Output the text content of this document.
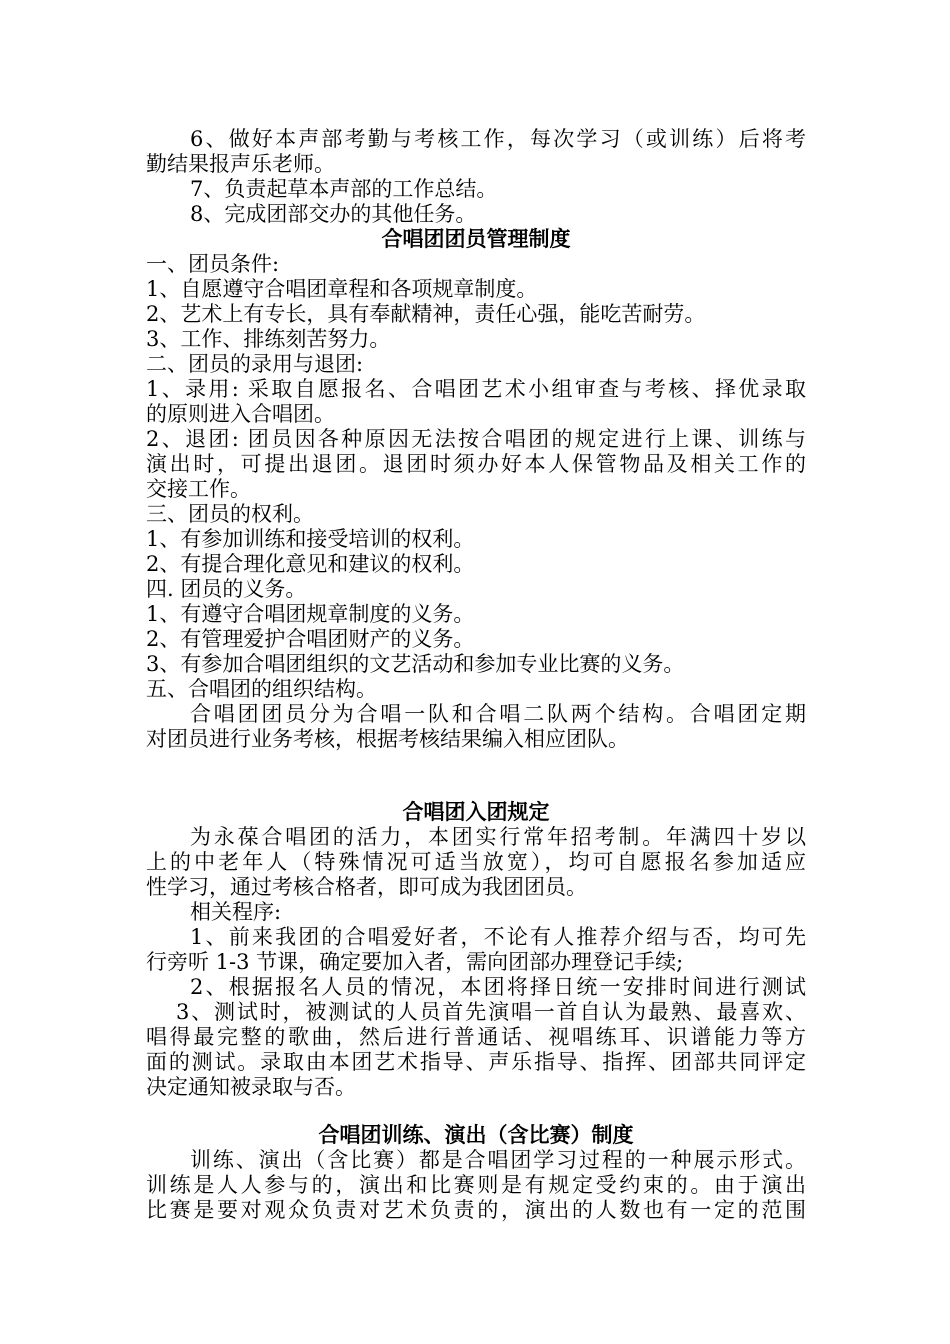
6、做好本声部考勤与考核工作，每次学习（或训练）后将考
勤结果报声乐老师。
7、负责起草本声部的工作总结。
8、完成团部交办的其他任务。
合唱团团员管理制度
一、团员条件:
1、自愿遵守合唱团章程和各项规章制度。
2、艺术上有专长，具有奉献精神，责任心强，能吃苦耐劳。
3、工作、排练刻苦努力。
二、团员的录用与退团:
1、录用: 采取自愿报名、合唱团艺术小组审查与考核、择优录取
的原则进入合唱团。
2、退团: 团员因各种原因无法按合唱团的规定进行上课、训练与
演出时，可提出退团。退团时须办好本人保管物品及相关工作的
交接工作。
三、团员的权利。
1、有参加训练和接受培训的权利。
2、有提合理化意见和建议的权利。
四. 团员的义务。
1、有遵守合唱团规章制度的义务。
2、有管理爱护合唱团财产的义务。
3、有参加合唱团组织的文艺活动和参加专业比赛的义务。
五、合唱团的组织结构。
合唱团团员分为合唱一队和合唱二队两个结构。合唱团定期
对团员进行业务考核，根据考核结果编入相应团队。
合唱团入团规定
为永葆合唱团的活力，本团实行常年招考制。年满四十岁以
上的中老年人（特殊情况可适当放宽），均可自愿报名参加适应
性学习，通过考核合格者，即可成为我团团员。
相关程序:
1、前来我团的合唱爱好者，不论有人推荐介绍与否，均可先
行旁听 1-3 节课，确定要加入者，需向团部办理登记手续;
2、根据报名人员的情况，本团将择日统一安排时间进行测试
3、测试时，被测试的人员首先演唱一首自认为最熟、最喜欢、
唱得最完整的歌曲，然后进行普通话、视唱练耳、识谱能力等方
面的测试。录取由本团艺术指导、声乐指导、指挥、团部共同评定
决定通知被录取与否。
合唱团训练、演出（含比赛）制度
训练、演出（含比赛）都是合唱团学习过程的一种展示形式。
训练是人人参与的，演出和比赛则是有规定受约束的。由于演出
比赛是要对观众负责对艺术负责的，演出的人数也有一定的范围
